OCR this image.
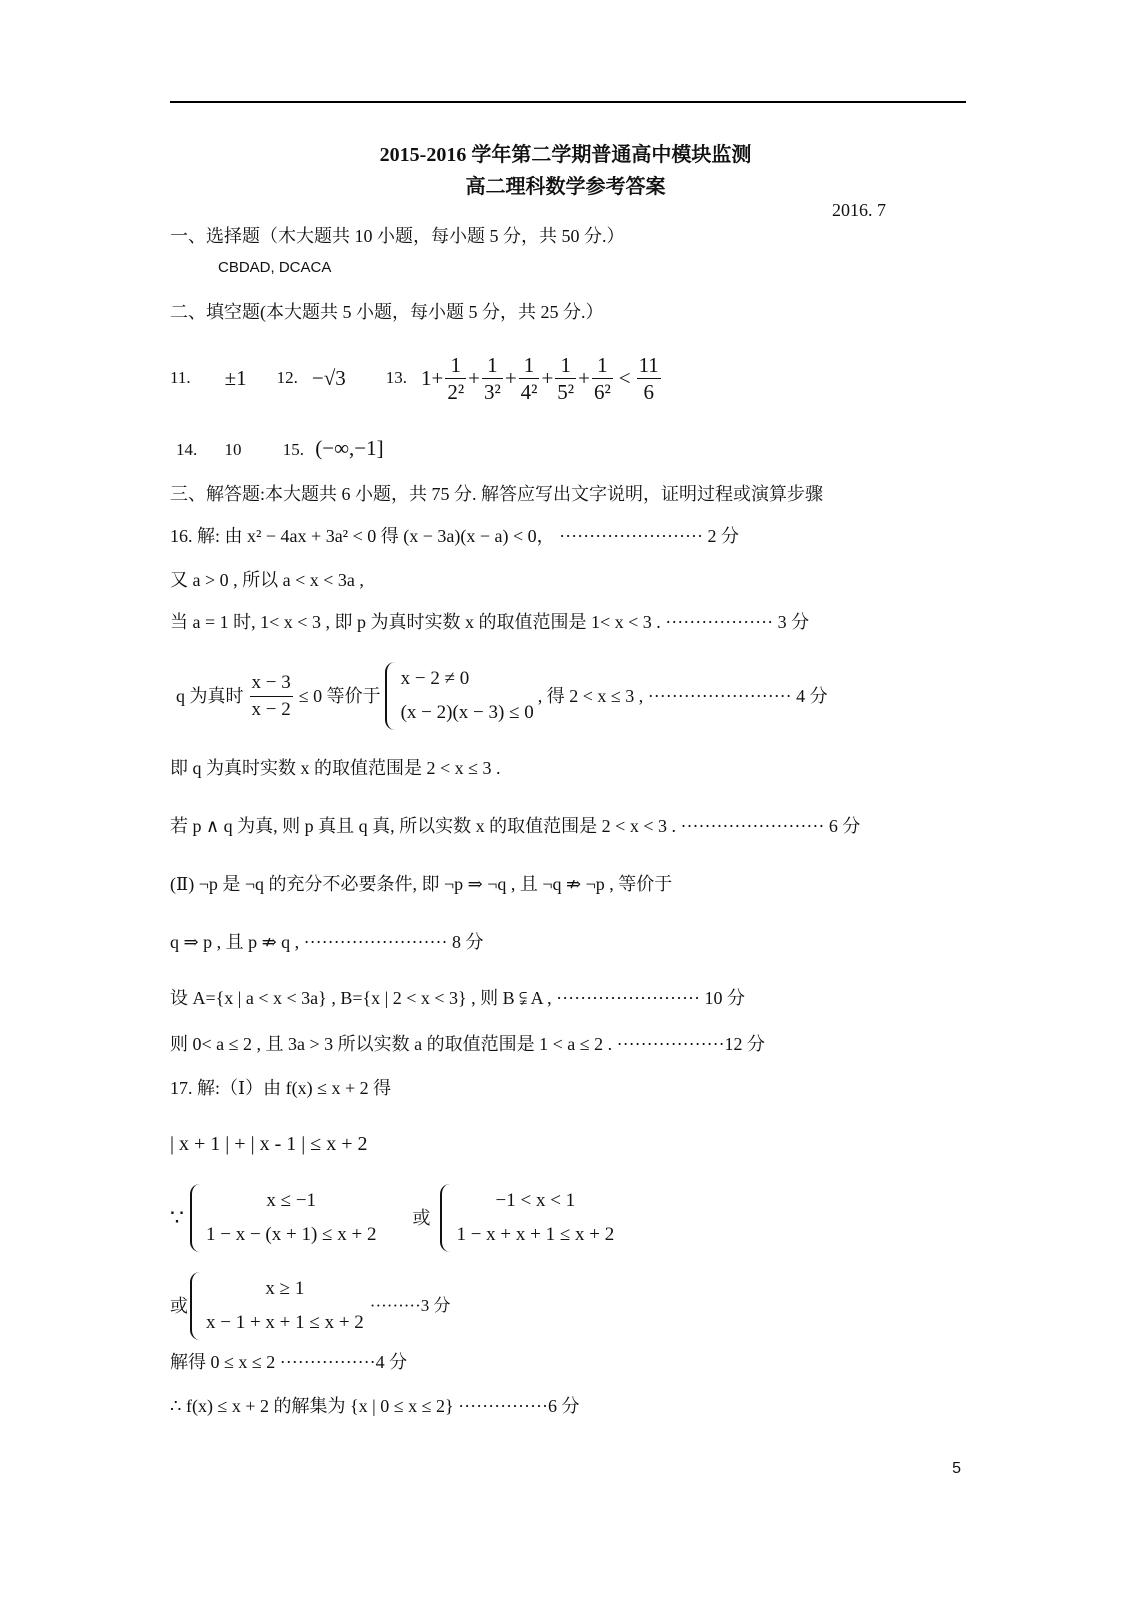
2015-2016 学年第二学期普通高中模块监测
高二理科数学参考答案
2016. 7
一、选择题（木大题共 10 小题，每小题 5 分，共 50 分.）
CBDAD, DCACA
二、填空题(本大题共 5 小题，每小题 5 分，共 25 分.）
11. ±1 12. −√3 13. $1+ \frac{1}{\text{2²}} + \frac{1}{\text{3²}} + \frac{1}{\text{4²}} + \frac{1}{\text{5²}} + \frac{1}{\text{6²}} < \frac{11}{6}$
14. 10 15. (−∞,−1]
三、解答题:本大题共 6 小题，共 75 分. 解答应写出文字说明，证明过程或演算步骤
16. 解: 由 x² − 4ax + 3a² < 0 得 (x − 3a)(x − a) < 0， ························ 2 分
又 a > 0 , 所以 a < x < 3a ,
当 a = 1 时, 1< x < 3 , 即 p 为真时实数 x 的取值范围是 1< x < 3 . ·················· 3 分
q 为真时 $\frac{x - 3}{x - 2} \le 0$ 等价于
x − 2 ≠ 0
(x − 2)(x − 3) ≤ 0
, 得 2 < x ≤ 3 , ························ 4 分
即 q 为真时实数 x 的取值范围是 2 < x ≤ 3 .
若 p ∧ q 为真, 则 p 真且 q 真, 所以实数 x 的取值范围是 2 < x < 3 . ························ 6 分
(Ⅱ) ¬p 是 ¬q 的充分不必要条件, 即 ¬p ⇒ ¬q , 且 ¬q ⇏ ¬p , 等价于
q ⇒ p , 且 p ⇏ q , ························ 8 分
设 A={x | a < x < 3a} , B={x | 2 < x < 3} , 则 B ⫋ A , ························ 10 分
则 0< a ≤ 2 , 且 3a > 3 所以实数 a 的取值范围是 1 < a ≤ 2 . ··················12 分
17. 解:（Ⅰ）由 f(x) ≤ x + 2 得
| x + 1 | + | x - 1 | ≤ x + 2
∵
x ≤ −1
1 − x − (x + 1) ≤ x + 2
或
−1 < x < 1
1 − x + x + 1 ≤ x + 2
或
x ≥ 1
x − 1 + x + 1 ≤ x + 2
·········3 分
解得 0 ≤ x ≤ 2 ················4 分
∴ f(x) ≤ x + 2 的解集为 {x | 0 ≤ x ≤ 2} ···············6 分
5
